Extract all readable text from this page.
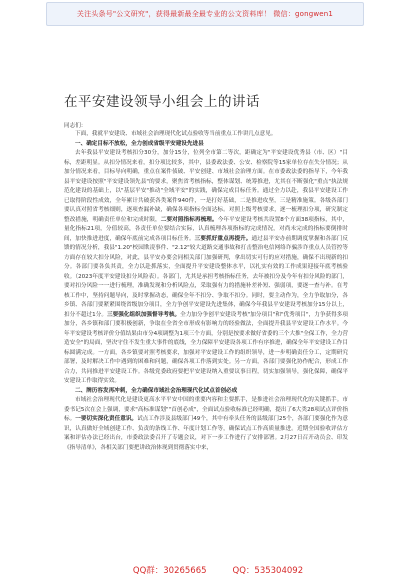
关注头条号"公文研究"，获得最新最全最专业的公文资料库！ 微信：gongwen1
在平安建设领导小组会上的讲话
同志们：

下面，我就平安建设、市域社会治理现代化试点验收等当前重点工作讲几点意见。

一、确定目标不放松，全力创成省级平安建设先进县

去年我县平安建设考核扣分30分，加分15分，位列全市第二等次，距确定为"平安建设优秀县（市、区）"目标，差距明显。从扣分情况来看，扣分项比较多，其中，县委政法委、公安、检察院等15家单位存在失分情况；从加分情况来看，目标导向明确，重点在案件侦破、平安创建、市域社会治理方面。在市委政法委的指导下，今年我县平安建设按照"平安建设领先县"的要求，聚焦省考核指标，整体谋划、统筹推进，尤其在不断强化"重点"执法规范化建设的基础上，以"基层平安"推动"全域平安"的实践，确保完成目标任务。通过全力以赴，我县平安建设工作已取得阶段性成效，全年累计共破获各类案件940件，一是打好基础，二是推进攻坚，三是精准施策。各级各部门要认真对照省考核细则，逐项查漏补缺，确保各项指标全面达标。对照上级考核要求，逐一梳理扣分项，研究制定整改措施，明确责任单位和完成时限，二要对照指标再梳理。今年平安建设考核共设置8个方面38项指标，其中，量化指标21项，分值较高，各责任单位要结合实际，认真梳理各项指标的完成情况，对尚未完成的指标要倒排时间，加快推进进度，确保年底前完成各项目标任务。三要抓好重点再提升。通过县平安办前期调度掌握和各部门反馈的情况分析，我县"1.20"校园欺凌事件、"2.12"较大道路交通事故和打击整治电信网络诈骗涉诈重点人员管控等方面存在较大扣分风险，对此，县平安办要会同相关部门加强研判，拿出切实可行的应对措施，确保不出现新的扣分。各部门要各负其责，全力以赴抓落实，全面提升平安建设整体水平，以扎实有效的工作成果迎接年底考核验收。（2023年度平安建设扣分风险表）。各部门，尤其是承担考核指标任务，去年被扣分及今年有扣分风险的部门，要对扣分风险一一进行梳理，准确发现和分析风险点，采取强有力的措施补差补短、强弱项，要逐一查与补。在考核工作中，坚持问题导向，及时掌握动态，确保全年不扣分、争取不扣分。同时，要主动作为，全力争取加分，各乡镇、各部门要紧紧围绕省级加分项目，全力争创平安建设先进集体，确保今年我县平安建设考核加分15分以上，扣分不超过1分。三要强化组织加强督导考核。全力加分争创平安建设考核"加分项目"和"优秀项目"，力争获得多项加分，各乡镇和部门要积极创新，争取在全省全市形成有影响力的经验做法，全面提升我县平安建设工作水平。今年平安建设考核评价分值结果由市分4项调整为1项三个方面，分别是按要求做好省委的三个大推"全保工作，全力营造安全"的局面，坚决守住不发生重大事件的底线，全力保障平安建设各项工作有序推进，确保全年平安建设工作目标圆满完成。一方面，各乡镇要对照考核要求，加强对平安建设工作的组织领导，进一步明确责任分工，定期研究部署，及时解决工作中遇到的困难和问题，确保各项工作落到实处。另一方面，各部门要强化协作配合，形成工作合力，共同推进平安建设工作。各级党委政府要把平安建设纳入重要议事日程，切实加强领导，强化保障，确保平安建设工作取得实效。

二、牌历容发再冲刺，全力确保市域社会治理现代化试点首创必成

市域社会治理现代化是建设更高水平平安中国的重要内容和主要抓手，是推进社会治理现代化的关键抓手。市委书记5次在会上强调，要求"高标准谋划""首创必成"，全面试点验收标准已经明确，提出了6大类28项试点评价指标。一要切实深化责任意识。试点工作涉及县级部门49个，其中有牵头任务的县级部门25个，各部门要强化作为意识，认真做好全域创建工作、负责的条线工作、年度计划工作等，确保试点工作高质量推进。近期全国验收评估方案和评估办法已经出台，市委政法委召开了专题会议，对下一步工作进行了安排部署。2月27日召开动员会、印发《指导清单》，各相关部门要把讲政治体现到贯彻落实中来，

QQ群：30265665	QQ：535304092
